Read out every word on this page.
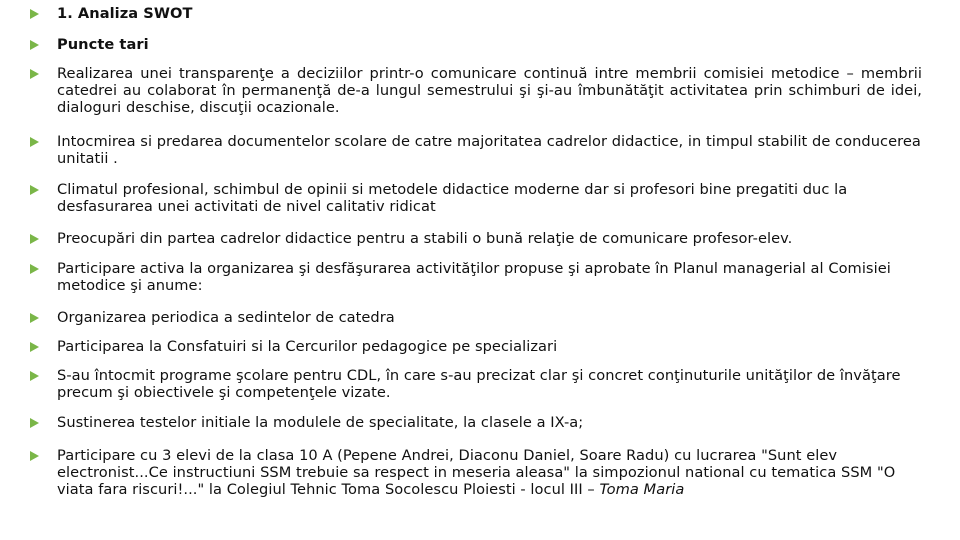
1. Analiza SWOT
Puncte tari
Realizarea unei transparenţe a deciziilor printr-o comunicare continuă intre membrii comisiei metodice – membrii catedrei au colaborat în permanenţă de-a lungul semestrului şi şi-au îmbunătăţit activitatea prin schimburi de idei, dialoguri deschise, discuţii ocazionale.
Intocmirea si predarea documentelor scolare de catre majoritatea cadrelor didactice, in timpul stabilit de conducerea unitatii .
Climatul profesional, schimbul de opinii si metodele didactice moderne dar si profesori bine pregatiti duc la desfasurarea unei activitati de nivel calitativ ridicat
Preocupări din partea cadrelor didactice pentru a stabili o bună relaţie de comunicare profesor-elev.
Participare activa la organizarea şi desfăşurarea activităţilor propuse şi aprobate în Planul managerial al Comisiei metodice şi anume:
Organizarea periodica a sedintelor de catedra
Participarea la Consfatuiri si la Cercurilor pedagogice pe specializari
S-au întocmit programe şcolare pentru CDL, în care s-au precizat clar şi concret conţinuturile unităţilor de învăţare precum şi obiectivele şi competenţele vizate.
Sustinerea testelor initiale la modulele de specialitate, la clasele a IX-a;
Participare cu 3 elevi de la clasa 10 A (Pepene Andrei, Diaconu Daniel, Soare Radu) cu lucrarea "Sunt elev electronist...Ce instructiuni SSM trebuie sa respect in meseria aleasa" la simpozionul national cu tematica SSM "O viata fara riscuri!..." la Colegiul Tehnic Toma Socolescu Ploiesti - locul III – Toma Maria
